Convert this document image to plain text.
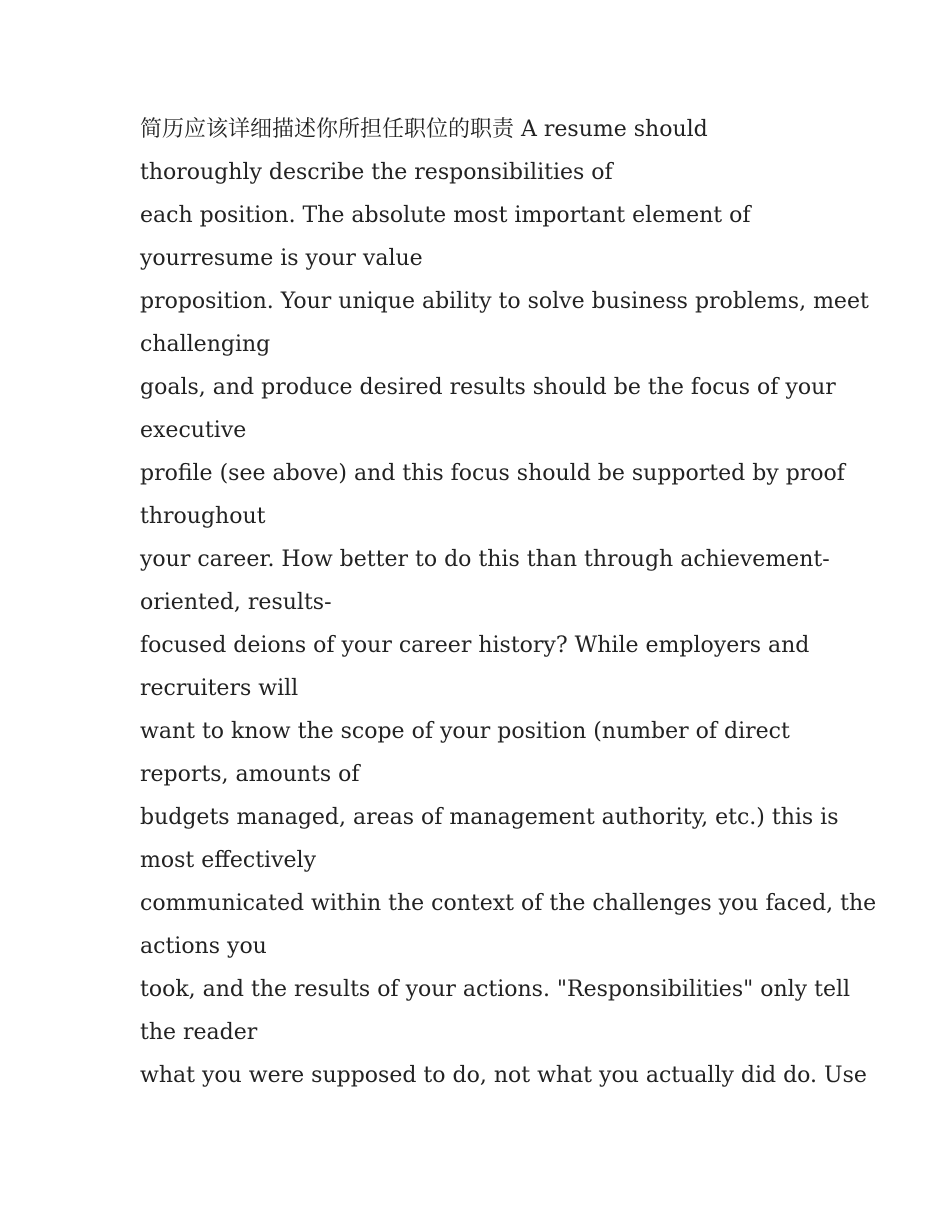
简历应该详细描述你所担任职位的职责 A resume should
thoroughly describe the responsibilities of
each position. The absolute most important element of
yourresume is your value
proposition. Your unique ability to solve business problems, meet
challenging
goals, and produce desired results should be the focus of your
executive
profile (see above) and this focus should be supported by proof
throughout
your career. How better to do this than through achievement-
oriented, results-
focused deions of your career history? While employers and
recruiters will
want to know the scope of your position (number of direct
reports, amounts of
budgets managed, areas of management authority, etc.) this is
most effectively
communicated within the context of the challenges you faced, the
actions you
took, and the results of your actions. "Responsibilities" only tell
the reader
what you were supposed to do, not what you actually did do. Use
